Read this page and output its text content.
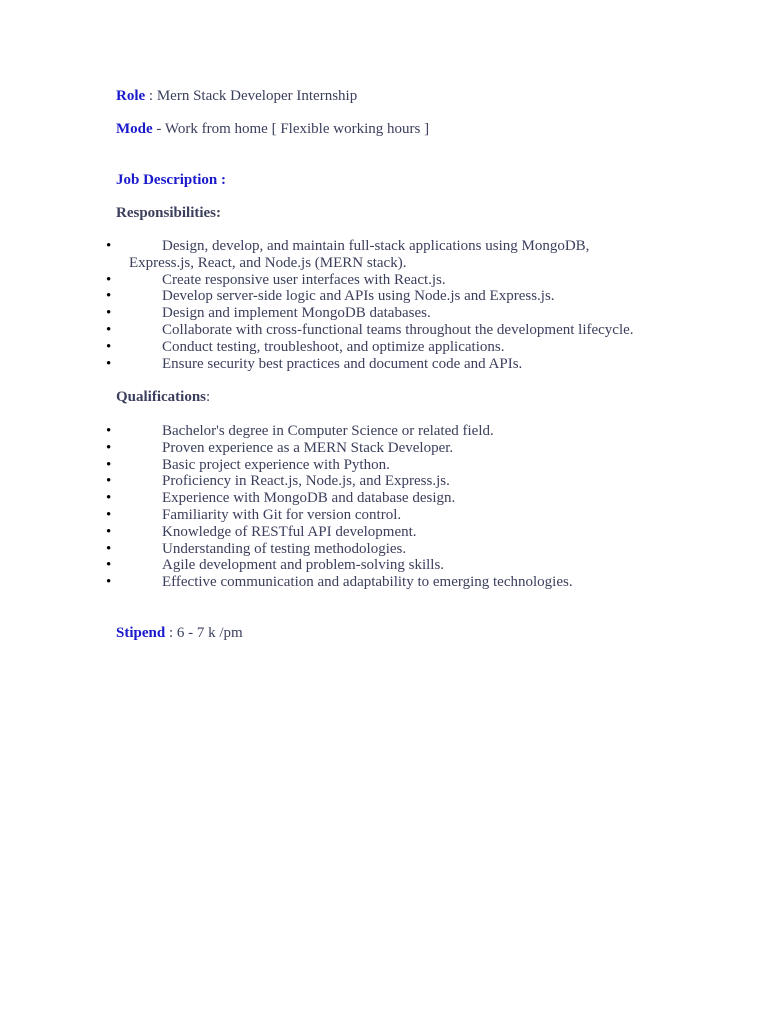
Role : Mern Stack Developer Internship
Mode - Work from home [ Flexible working hours ]
Job Description :
Responsibilities:
•	Design, develop, and maintain full-stack applications using MongoDB,
Express.js, React, and Node.js (MERN stack).
•	Create responsive user interfaces with React.js.
•	Develop server-side logic and APIs using Node.js and Express.js.
•	Design and implement MongoDB databases.
•	Collaborate with cross-functional teams throughout the development lifecycle.
•	Conduct testing, troubleshoot, and optimize applications.
•	Ensure security best practices and document code and APIs.
Qualifications:
•	Bachelor's degree in Computer Science or related field.
•	Proven experience as a MERN Stack Developer.
•	Basic project experience with Python.
•	Proficiency in React.js, Node.js, and Express.js.
•	Experience with MongoDB and database design.
•	Familiarity with Git for version control.
•	Knowledge of RESTful API development.
•	Understanding of testing methodologies.
•	Agile development and problem-solving skills.
•	Effective communication and adaptability to emerging technologies.
Stipend : 6 - 7 k /pm
